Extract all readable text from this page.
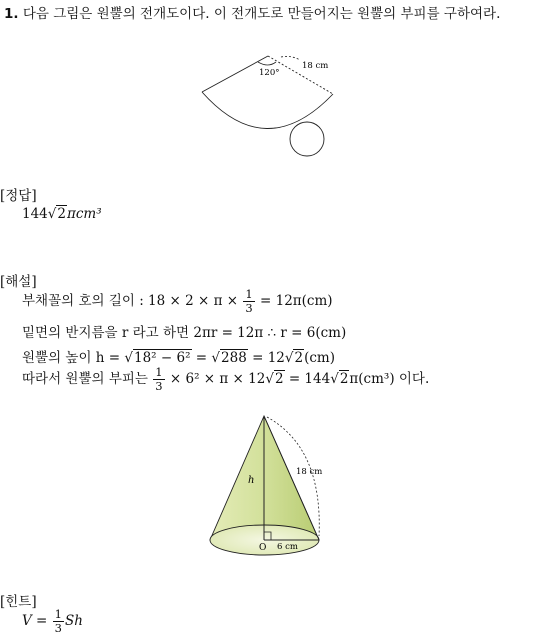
1. 다음 그림은 원뿔의 전개도이다. 이 전개도로 만들어지는 원뿔의 부피를 구하여라.
120°
18 cm
[정답]
144√2πcm³
[해설]
부채꼴의 호의 길이 : $18 \times 2 \times \pi \times \frac{1}{3} = 12\pi(cm)$
밑면의 반지름을 r 라고 하면 2πr = 12π ∴ r = 6(cm)
원뿔의 높이 h = √18² − 6² = √288 = 12√2(cm)
따라서 원뿔의 부피는 $\frac{1}{3} \times 6^2 \times \pi \times 12√2 = 144√2\pi(cm^3)$ 이다.
18 cm
h
O 6 cm
[힌트]
$V = \frac{1}{3}$ Sh
